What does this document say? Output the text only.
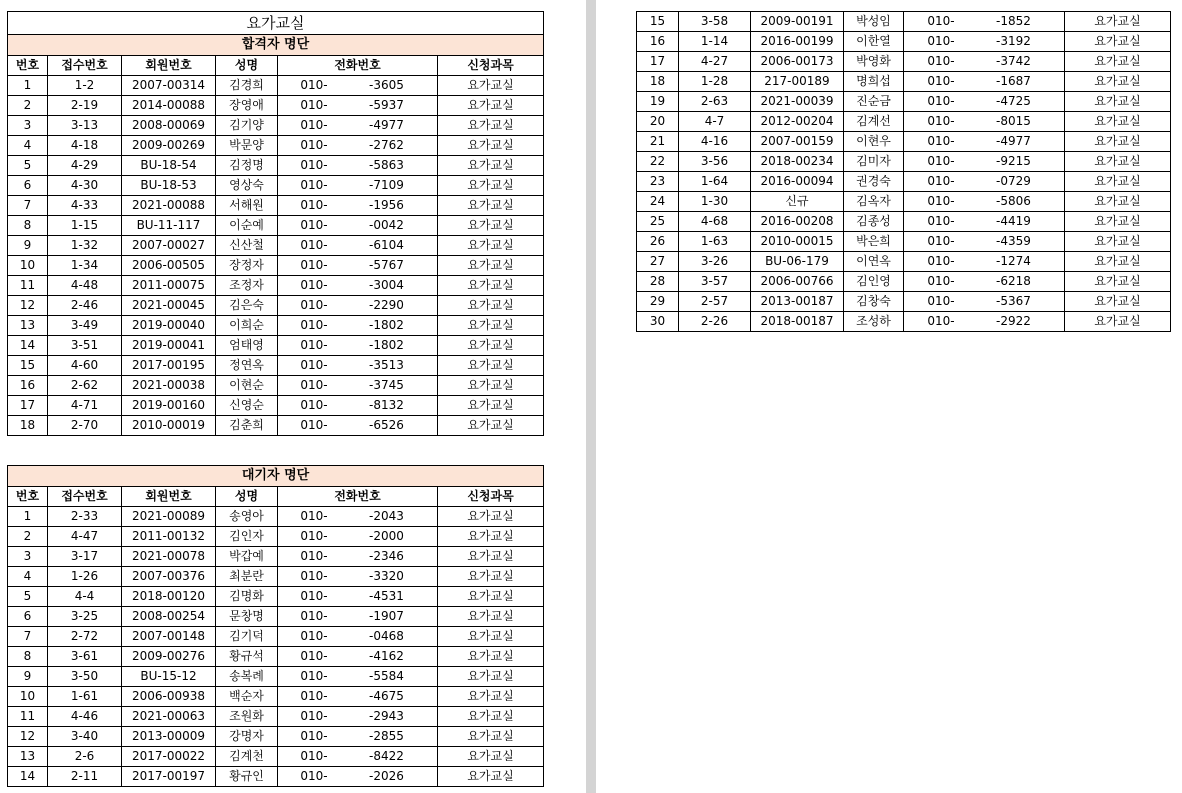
요가교실					
합격자 명단					
번호	접수번호	회원번호	성명	전화번호	신청과목
1	1-2	2007-00314	김경희	010- -3605	요가교실
2	2-19	2014-00088	장영애	010- -5937	요가교실
3	3-13	2008-00069	김기양	010- -4977	요가교실
4	4-18	2009-00269	박문양	010- -2762	요가교실
5	4-29	BU-18-54	김정명	010- -5863	요가교실
6	4-30	BU-18-53	영상숙	010- -7109	요가교실
7	4-33	2021-00088	서해원	010- -1956	요가교실
8	1-15	BU-11-117	이순예	010- -0042	요가교실
9	1-32	2007-00027	신산철	010- -6104	요가교실
10	1-34	2006-00505	장정자	010- -5767	요가교실
11	4-48	2011-00075	조정자	010- -3004	요가교실
12	2-46	2021-00045	김은숙	010- -2290	요가교실
13	3-49	2019-00040	이희순	010- -1802	요가교실
14	3-51	2019-00041	엄태영	010- -1802	요가교실
15	4-60	2017-00195	정연옥	010- -3513	요가교실
16	2-62	2021-00038	이현순	010- -3745	요가교실
17	4-71	2019-00160	신영순	010- -8132	요가교실
18	2-70	2010-00019	김춘희	010- -6526	요가교실
대기자 명단					
번호	접수번호	회원번호	성명	전화번호	신청과목
1	2-33	2021-00089	송영아	010- -2043	요가교실
2	4-47	2011-00132	김인자	010- -2000	요가교실
3	3-17	2021-00078	박갑예	010- -2346	요가교실
4	1-26	2007-00376	최분란	010- -3320	요가교실
5	4-4	2018-00120	김명화	010- -4531	요가교실
6	3-25	2008-00254	문창명	010- -1907	요가교실
7	2-72	2007-00148	김기덕	010- -0468	요가교실
8	3-61	2009-00276	황규석	010- -4162	요가교실
9	3-50	BU-15-12	송복례	010- -5584	요가교실
10	1-61	2006-00938	백순자	010- -4675	요가교실
11	4-46	2021-00063	조원화	010- -2943	요가교실
12	3-40	2013-00009	강명자	010- -2855	요가교실
13	2-6	2017-00022	김계천	010- -8422	요가교실
14	2-11	2017-00197	황규인	010- -2026	요가교실
15	3-58	2009-00191	박성임	010- -1852	요가교실
16	1-14	2016-00199	이한열	010- -3192	요가교실
17	4-27	2006-00173	박영화	010- -3742	요가교실
18	1-28	217-00189	명희섭	010- -1687	요가교실
19	2-63	2021-00039	진순금	010- -4725	요가교실
20	4-7	2012-00204	김계선	010- -8015	요가교실
21	4-16	2007-00159	이현우	010- -4977	요가교실
22	3-56	2018-00234	김미자	010- -9215	요가교실
23	1-64	2016-00094	권경숙	010- -0729	요가교실
24	1-30	신규	김옥자	010- -5806	요가교실
25	4-68	2016-00208	김종성	010- -4419	요가교실
26	1-63	2010-00015	박은희	010- -4359	요가교실
27	3-26	BU-06-179	이연옥	010- -1274	요가교실
28	3-57	2006-00766	김인영	010- -6218	요가교실
29	2-57	2013-00187	김창숙	010- -5367	요가교실
30	2-26	2018-00187	조성하	010- -2922	요가교실
